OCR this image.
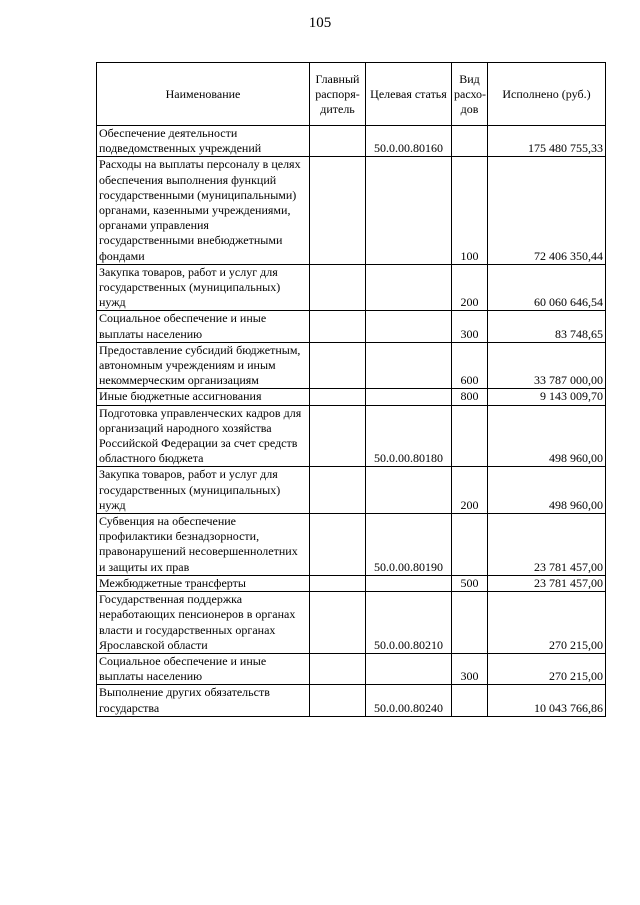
105
Наименование	Главный распоря-дитель	Целевая статья	Вид расхо-дов	Исполнено (руб.)
Обеспечение деятельности подведомственных учреждений		50.0.00.80160		175 480 755,33
Расходы на выплаты персоналу в целях обеспечения выполнения функций государственными (муниципальными) органами, казенными учреждениями, органами управления государственными внебюджетными фондами			100	72 406 350,44
Закупка товаров, работ и услуг для государственных (муниципальных) нужд			200	60 060 646,54
Социальное обеспечение и иные выплаты населению			300	83 748,65
Предоставление субсидий бюджетным, автономным учреждениям и иным некоммерческим организациям			600	33 787 000,00
Иные бюджетные ассигнования			800	9 143 009,70
Подготовка управленческих кадров для организаций народного хозяйства Российской Федерации за счет средств областного бюджета		50.0.00.80180		498 960,00
Закупка товаров, работ и услуг для государственных (муниципальных) нужд			200	498 960,00
Субвенция на обеспечение профилактики безнадзорности, правонарушений несовершеннолетних и защиты их прав		50.0.00.80190		23 781 457,00
Межбюджетные трансферты			500	23 781 457,00
Государственная поддержка неработающих пенсионеров в органах власти и государственных органах Ярославской области		50.0.00.80210		270 215,00
Социальное обеспечение и иные выплаты населению			300	270 215,00
Выполнение других обязательств государства		50.0.00.80240		10 043 766,86
